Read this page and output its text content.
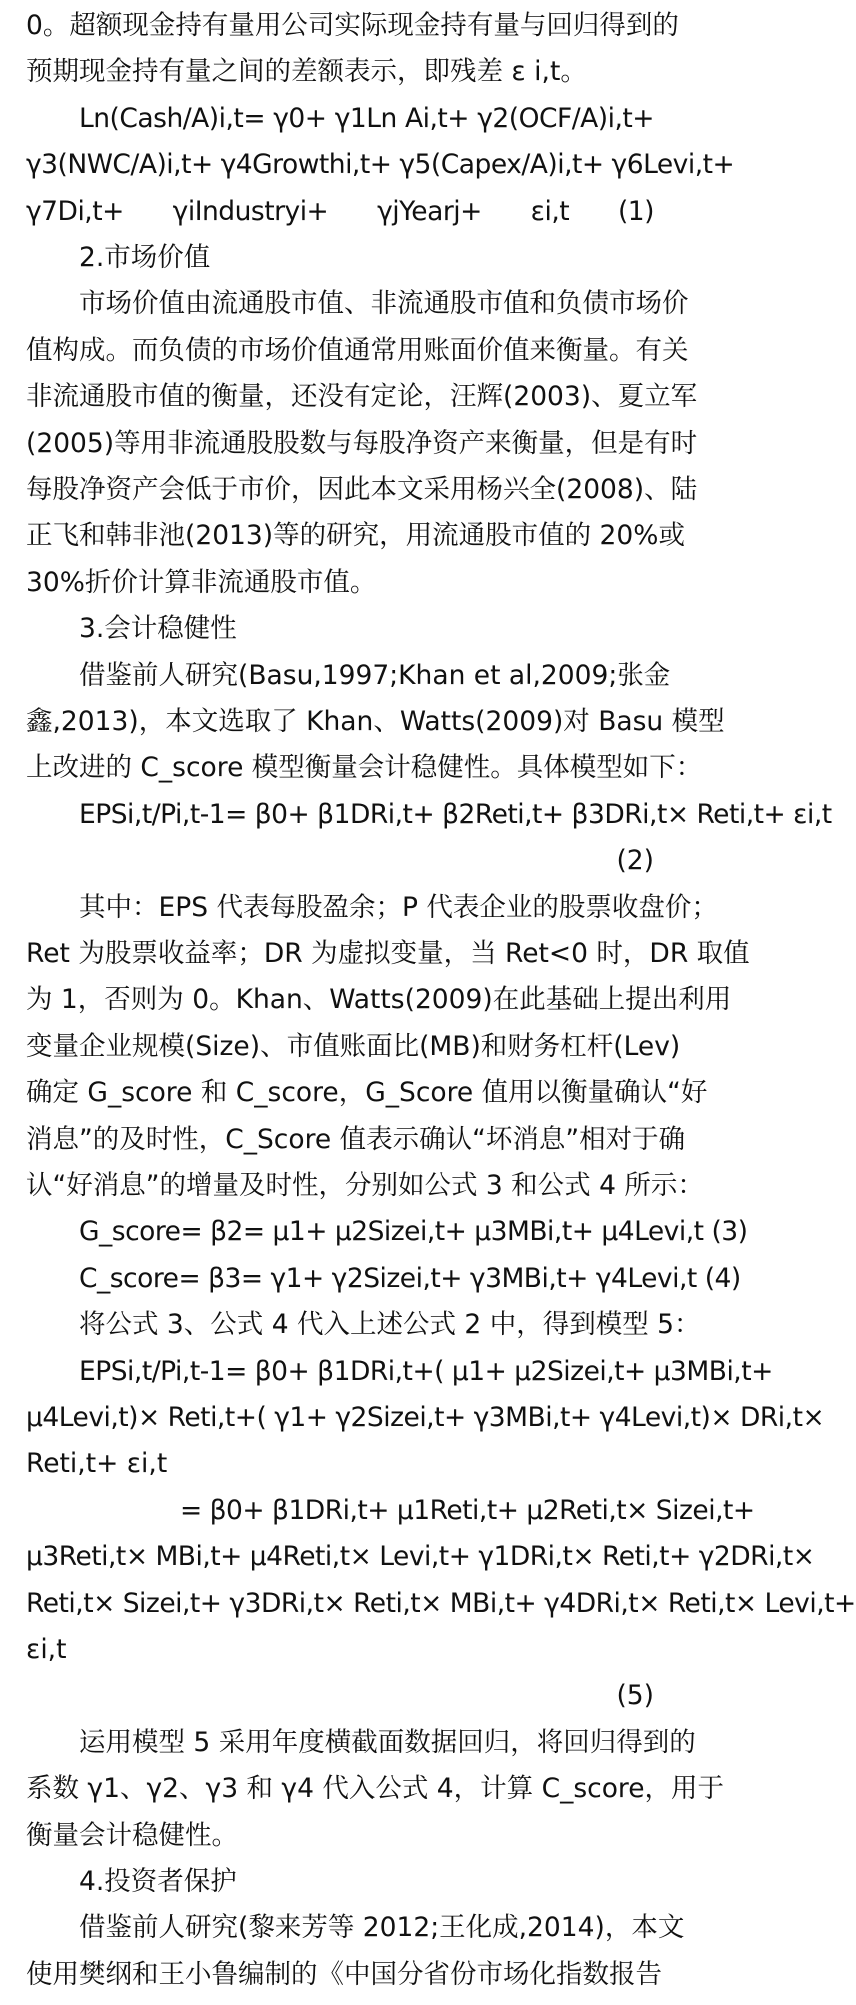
0。超额现金持有量用公司实际现金持有量与回归得到的
预期现金持有量之间的差额表示，即残差 ε i,t。
Ln(Cash/A)i,t= γ0+ γ1Ln Ai,t+ γ2(OCF/A)i,t+
γ3(NWC/A)i,t+ γ4Growthi,t+ γ5(Capex/A)i,t+ γ6Levi,t+
γ7Di,t+ γiIndustryi+ γjYearj+ εi,t (1)
2.市场价值
市场价值由流通股市值、非流通股市值和负债市场价
值构成。而负债的市场价值通常用账面价值来衡量。有关
非流通股市值的衡量，还没有定论，汪辉(2003)、夏立军
(2005)等用非流通股股数与每股净资产来衡量，但是有时
每股净资产会低于市价，因此本文采用杨兴全(2008)、陆
正飞和韩非池(2013)等的研究，用流通股市值的 20%或
30%折价计算非流通股市值。
3.会计稳健性
借鉴前人研究(Basu,1997;Khan et al,2009;张金
鑫,2013)，本文选取了 Khan、Watts(2009)对 Basu 模型
上改进的 C_score 模型衡量会计稳健性。具体模型如下：
EPSi,t/Pi,t-1= β0+ β1DRi,t+ β2Reti,t+ β3DRi,t× Reti,t+ εi,t
(2)
其中：EPS 代表每股盈余；P 代表企业的股票收盘价；
Ret 为股票收益率；DR 为虚拟变量，当 Ret<0 时，DR 取值
为 1，否则为 0。Khan、Watts(2009)在此基础上提出利用
变量企业规模(Size)、市值账面比(MB)和财务杠杆(Lev)
确定 G_score 和 C_score，G_Score 值用以衡量确认“好
消息”的及时性，C_Score 值表示确认“坏消息”相对于确
认“好消息”的增量及时性，分别如公式 3 和公式 4 所示：
G_score= β2= μ1+ μ2Sizei,t+ μ3MBi,t+ μ4Levi,t (3)
C_score= β3= γ1+ γ2Sizei,t+ γ3MBi,t+ γ4Levi,t (4)
将公式 3、公式 4 代入上述公式 2 中，得到模型 5：
EPSi,t/Pi,t-1= β0+ β1DRi,t+( μ1+ μ2Sizei,t+ μ3MBi,t+
μ4Levi,t)× Reti,t+( γ1+ γ2Sizei,t+ γ3MBi,t+ γ4Levi,t)× DRi,t×
Reti,t+ εi,t
= β0+ β1DRi,t+ μ1Reti,t+ μ2Reti,t× Sizei,t+
μ3Reti,t× MBi,t+ μ4Reti,t× Levi,t+ γ1DRi,t× Reti,t+ γ2DRi,t×
Reti,t× Sizei,t+ γ3DRi,t× Reti,t× MBi,t+ γ4DRi,t× Reti,t× Levi,t+
εi,t
(5)
运用模型 5 采用年度横截面数据回归，将回归得到的
系数 γ1、γ2、γ3 和 γ4 代入公式 4，计算 C_score，用于
衡量会计稳健性。
4.投资者保护
借鉴前人研究(黎来芳等 2012;王化成,2014)，本文
使用樊纲和王小鲁编制的《中国分省份市场化指数报告
